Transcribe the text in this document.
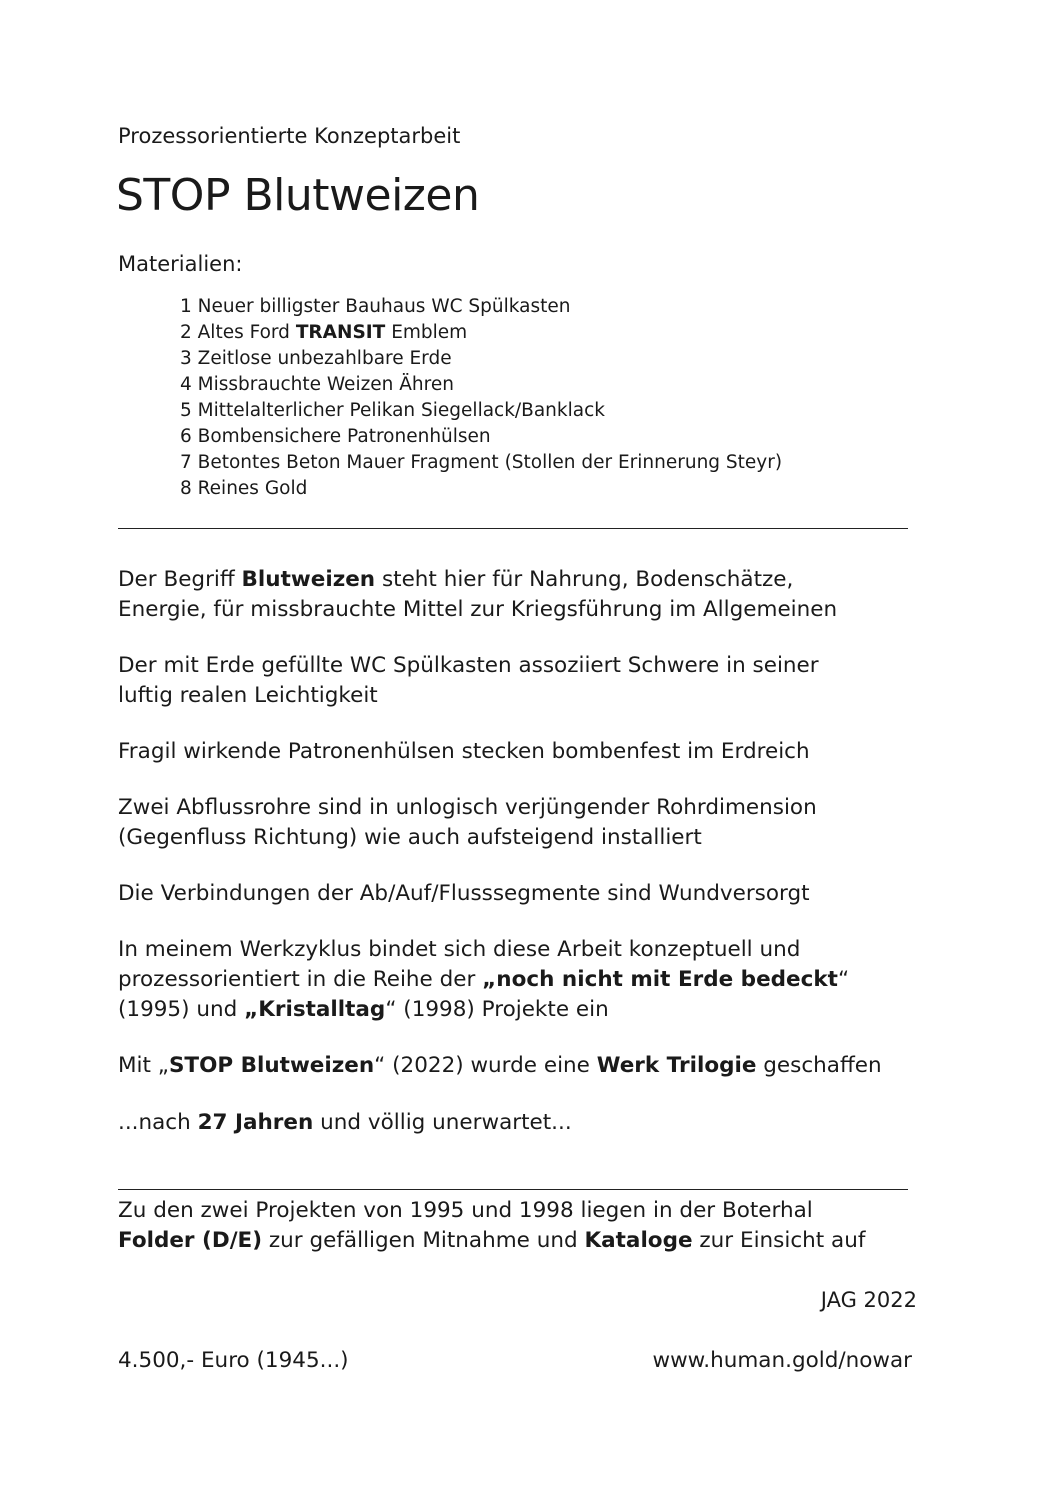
Prozessorientierte Konzeptarbeit
STOP Blutweizen
Materialien:
1 Neuer billigster Bauhaus WC Spülkasten
2 Altes Ford TRANSIT Emblem
3 Zeitlose unbezahlbare Erde
4 Missbrauchte Weizen Ähren
5 Mittelalterlicher Pelikan Siegellack/Banklack
6 Bombensichere Patronenhülsen
7 Betontes Beton Mauer Fragment (Stollen der Erinnerung Steyr)
8 Reines Gold
Der Begriff Blutweizen steht hier für Nahrung, Bodenschätze,
Energie, für missbrauchte Mittel zur Kriegsführung im Allgemeinen
Der mit Erde gefüllte WC Spülkasten assoziiert Schwere in seiner
luftig realen Leichtigkeit
Fragil wirkende Patronenhülsen stecken bombenfest im Erdreich
Zwei Abflussrohre sind in unlogisch verjüngender Rohrdimension
(Gegenfluss Richtung) wie auch aufsteigend installiert
Die Verbindungen der Ab/Auf/Flusssegmente sind Wundversorgt
In meinem Werkzyklus bindet sich diese Arbeit konzeptuell und
prozessorientiert in die Reihe der „noch nicht mit Erde bedeckt“
(1995) und „Kristalltag“ (1998) Projekte ein
Mit „STOP Blutweizen“ (2022) wurde eine Werk Trilogie geschaffen
...nach 27 Jahren und völlig unerwartet...
Zu den zwei Projekten von 1995 und 1998 liegen in der Boterhal
Folder (D/E) zur gefälligen Mitnahme und Kataloge zur Einsicht auf
JAG 2022
4.500,- Euro (1945...)	www.human.gold/nowar
